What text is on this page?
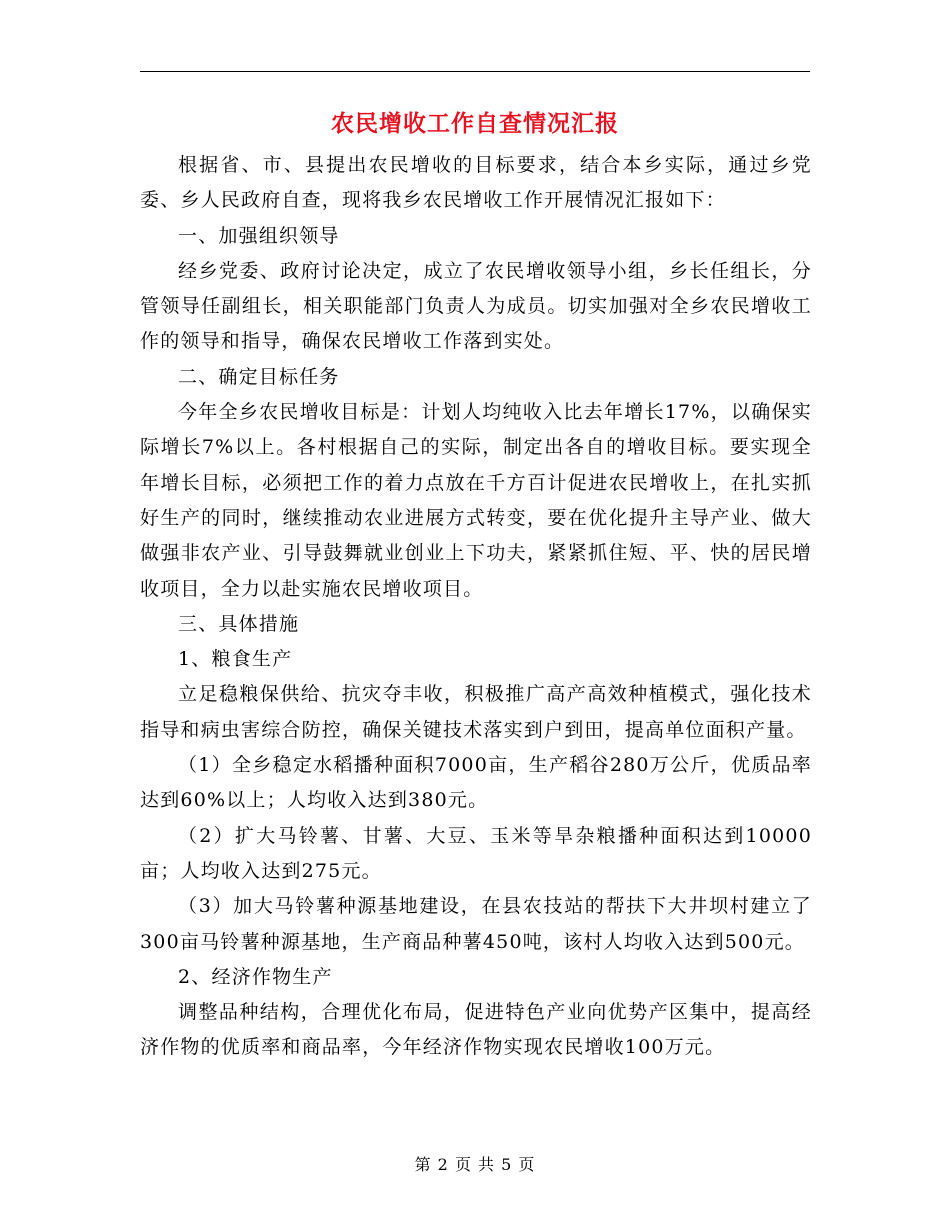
农民增收工作自查情况汇报

根据省、市、县提出农民增收的目标要求，结合本乡实际，通过乡党委、乡人民政府自查，现将我乡农民增收工作开展情况汇报如下：

一、加强组织领导

经乡党委、政府讨论决定，成立了农民增收领导小组，乡长任组长，分管领导任副组长，相关职能部门负责人为成员。切实加强对全乡农民增收工作的领导和指导，确保农民增收工作落到实处。

二、确定目标任务

今年全乡农民增收目标是：计划人均纯收入比去年增长17%，以确保实际增长7%以上。各村根据自己的实际，制定出各自的增收目标。要实现全年增长目标，必须把工作的着力点放在千方百计促进农民增收上，在扎实抓好生产的同时，继续推动农业进展方式转变，要在优化提升主导产业、做大做强非农产业、引导鼓舞就业创业上下功夫，紧紧抓住短、平、快的居民增收项目，全力以赴实施农民增收项目。

三、具体措施

1、粮食生产

立足稳粮保供给、抗灾夺丰收，积极推广高产高效种植模式，强化技术指导和病虫害综合防控，确保关键技术落实到户到田，提高单位面积产量。

（1）全乡稳定水稻播种面积7000亩，生产稻谷280万公斤，优质品率达到60%以上；人均收入达到380元。

（2）扩大马铃薯、甘薯、大豆、玉米等旱杂粮播种面积达到10000亩；人均收入达到275元。

（3）加大马铃薯种源基地建设，在县农技站的帮扶下大井坝村建立了300亩马铃薯种源基地，生产商品种薯450吨，该村人均收入达到500元。

2、经济作物生产

调整品种结构，合理优化布局，促进特色产业向优势产区集中，提高经济作物的优质率和商品率，今年经济作物实现农民增收100万元。

第 2 页 共 5 页
